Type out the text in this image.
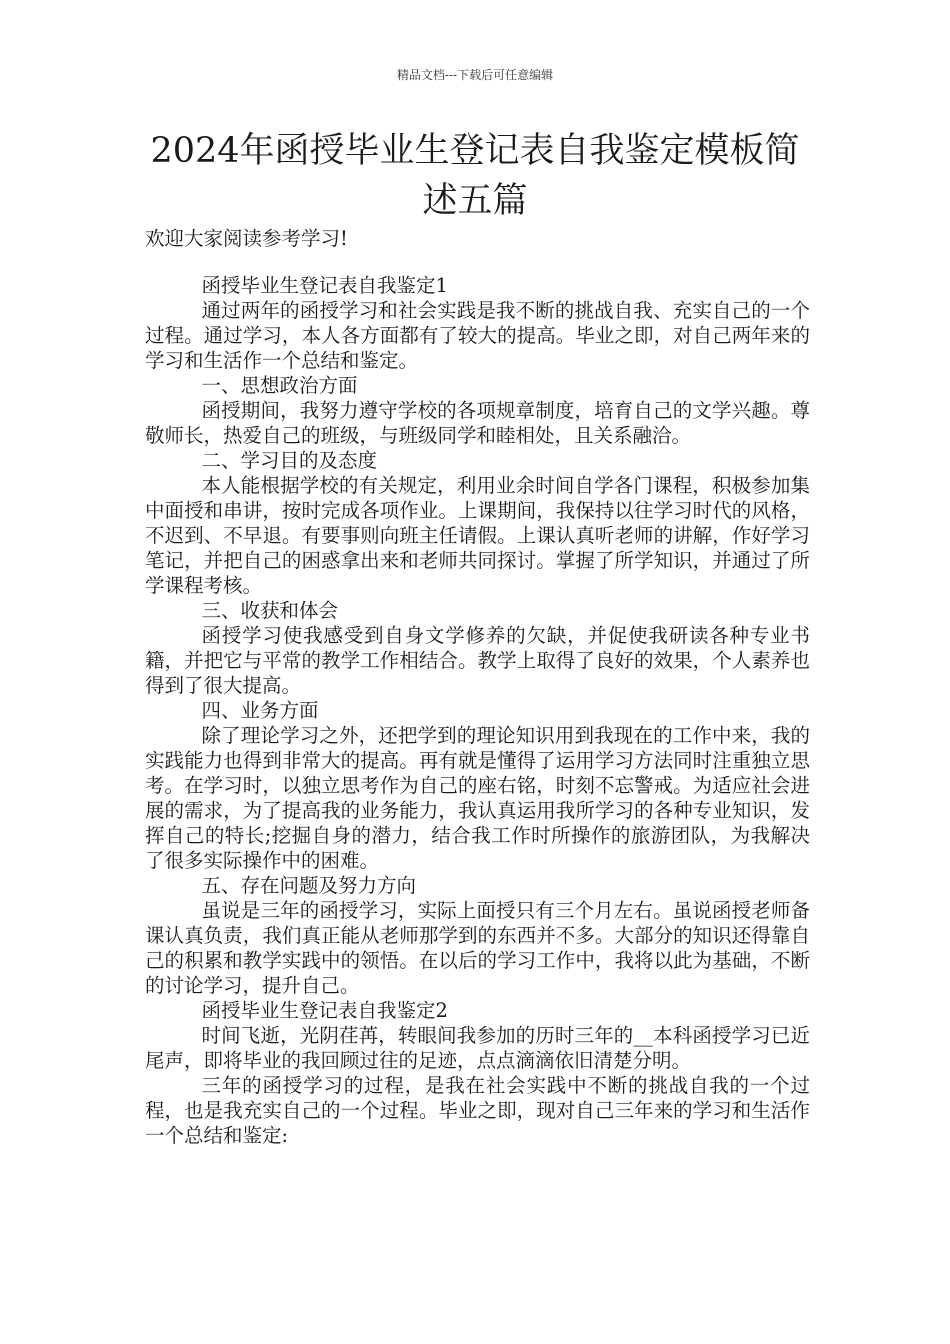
精品文档---下载后可任意编辑
2024年函授毕业生登记表自我鉴定模板简述五篇

欢迎大家阅读参考学习!

函授毕业生登记表自我鉴定1

通过两年的函授学习和社会实践是我不断的挑战自我、充实自己的一个过程。通过学习，本人各方面都有了较大的提高。毕业之即，对自己两年来的学习和生活作一个总结和鉴定。

一、思想政治方面

函授期间，我努力遵守学校的各项规章制度，培育自己的文学兴趣。尊敬师长，热爱自己的班级，与班级同学和睦相处，且关系融洽。

二、学习目的及态度

本人能根据学校的有关规定，利用业余时间自学各门课程，积极参加集中面授和串讲，按时完成各项作业。上课期间，我保持以往学习时代的风格，不迟到、不早退。有要事则向班主任请假。上课认真听老师的讲解，作好学习笔记，并把自己的困惑拿出来和老师共同探讨。掌握了所学知识，并通过了所学课程考核。

三、收获和体会

函授学习使我感受到自身文学修养的欠缺，并促使我研读各种专业书籍，并把它与平常的教学工作相结合。教学上取得了良好的效果，个人素养也得到了很大提高。

四、业务方面

除了理论学习之外，还把学到的理论知识用到我现在的工作中来，我的实践能力也得到非常大的提高。再有就是懂得了运用学习方法同时注重独立思考。在学习时，以独立思考作为自己的座右铭，时刻不忘警戒。为适应社会进展的需求，为了提高我的业务能力，我认真运用我所学习的各种专业知识，发挥自己的特长;挖掘自身的潜力，结合我工作时所操作的旅游团队，为我解决了很多实际操作中的困难。

五、存在问题及努力方向

虽说是三年的函授学习，实际上面授只有三个月左右。虽说函授老师备课认真负责，我们真正能从老师那学到的东西并不多。大部分的知识还得靠自己的积累和教学实践中的领悟。在以后的学习工作中，我将以此为基础，不断的讨论学习，提升自己。

函授毕业生登记表自我鉴定2

时间飞逝，光阴荏苒，转眼间我参加的历时三年的__本科函授学习已近尾声，即将毕业的我回顾过往的足迹，点点滴滴依旧清楚分明。

三年的函授学习的过程，是我在社会实践中不断的挑战自我的一个过程，也是我充实自己的一个过程。毕业之即，现对自己三年来的学习和生活作一个总结和鉴定:
